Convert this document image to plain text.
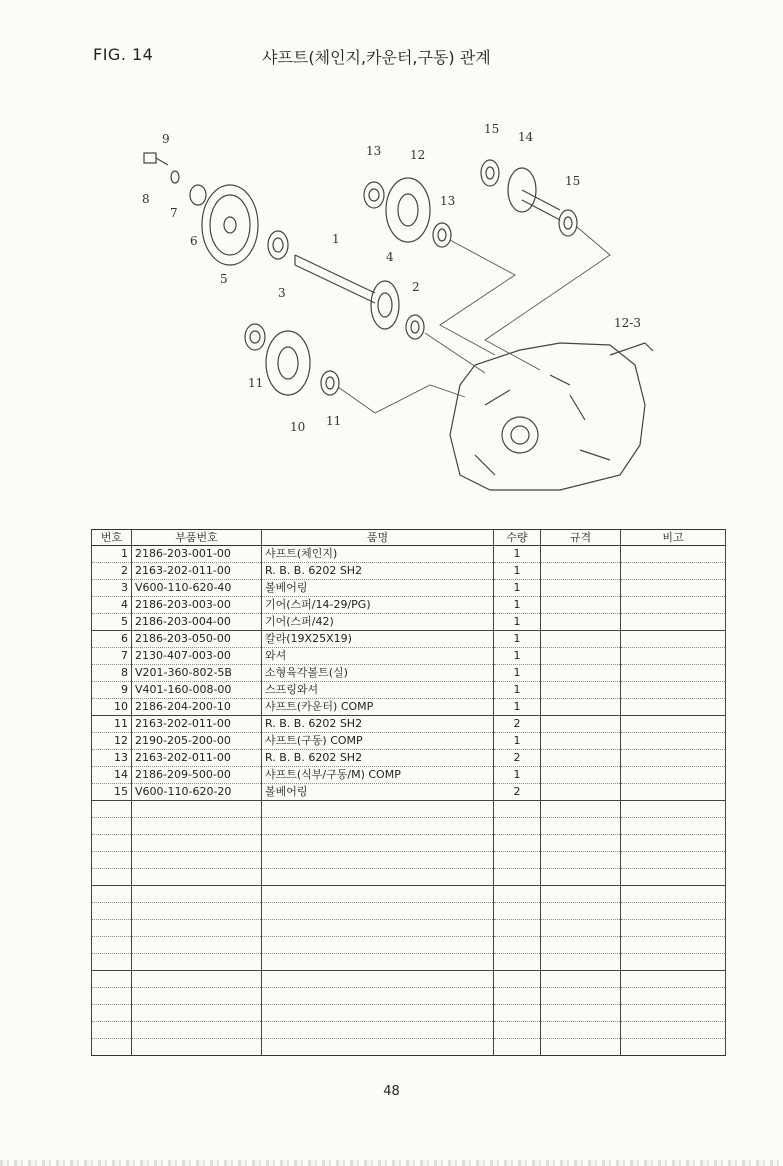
FIG. 14	샤프트(체인지,카운터,구동) 관계
9
8
7
6
5
3
1
4
2
13 12
13
15
14
15
12-3
11
10 11
번호	부품번호	품명	수량	규격	비고
1	2186-203-001-00	샤프트(체인지)	1		
2	2163-202-011-00	R. B. B. 6202 SH2	1		
3	V600-110-620-40	볼베어링	1		
4	2186-203-003-00	기어(스퍼/14-29/PG)	1		
5	2186-203-004-00	기어(스퍼/42)	1		
6	2186-203-050-00	칼라(19X25X19)	1		
7	2130-407-003-00	와셔	1		
8	V201-360-802-5B	소형육각볼트(실)	1		
9	V401-160-008-00	스프링와셔	1		
10	2186-204-200-10	샤프트(카운터) COMP	1		
11	2163-202-011-00	R. B. B. 6202 SH2	2		
12	2190-205-200-00	샤프트(구동) COMP	1		
13	2163-202-011-00	R. B. B. 6202 SH2	2		
14	2186-209-500-00	샤프트(식부/구동/M) COMP	1		
15	V600-110-620-20	볼베어링	2		

48
